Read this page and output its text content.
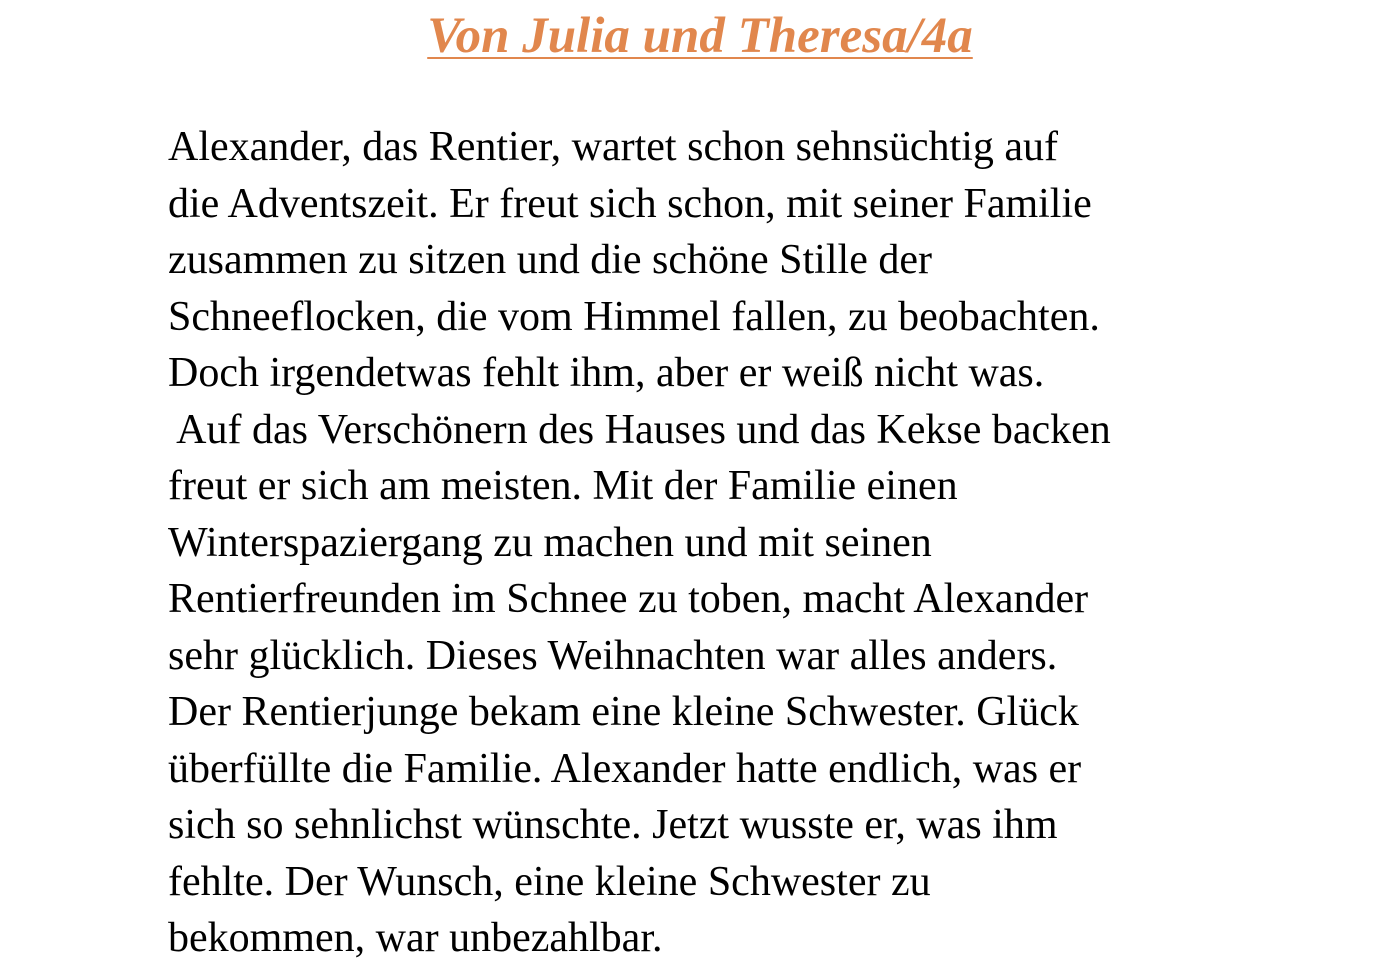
Von Julia und Theresa/4a
Alexander, das Rentier, wartet schon sehnsüchtig auf
die Adventszeit. Er freut sich schon, mit seiner Familie
zusammen zu sitzen und die schöne Stille der
Schneeflocken, die vom Himmel fallen, zu beobachten.
Doch irgendetwas fehlt ihm, aber er weiß nicht was.
Auf das Verschönern des Hauses und das Kekse backen
freut er sich am meisten. Mit der Familie einen
Winterspaziergang zu machen und mit seinen
Rentierfreunden im Schnee zu toben, macht Alexander
sehr glücklich. Dieses Weihnachten war alles anders.
Der Rentierjunge bekam eine kleine Schwester. Glück
überfüllte die Familie. Alexander hatte endlich, was er
sich so sehnlichst wünschte. Jetzt wusste er, was ihm
fehlte. Der Wunsch, eine kleine Schwester zu
bekommen, war unbezahlbar.
